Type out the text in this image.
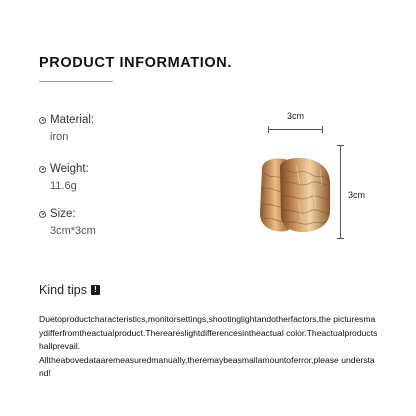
PRODUCT INFORMATION.
Material:
iron
Weight:
11.6g
Size:
3cm*3cm
3cm
3cm
Kind tips !
Duetoproductcharacteristics,monitorsettings,shootinglightandotherfactors,the picturesmaydifferfromtheactualproduct.Thereareslightdifferencesintheactual color.Theactualproductshallprevail.
Alltheabovedataaremeasuredmanually,theremaybeasmallamountoferror,please understand!
